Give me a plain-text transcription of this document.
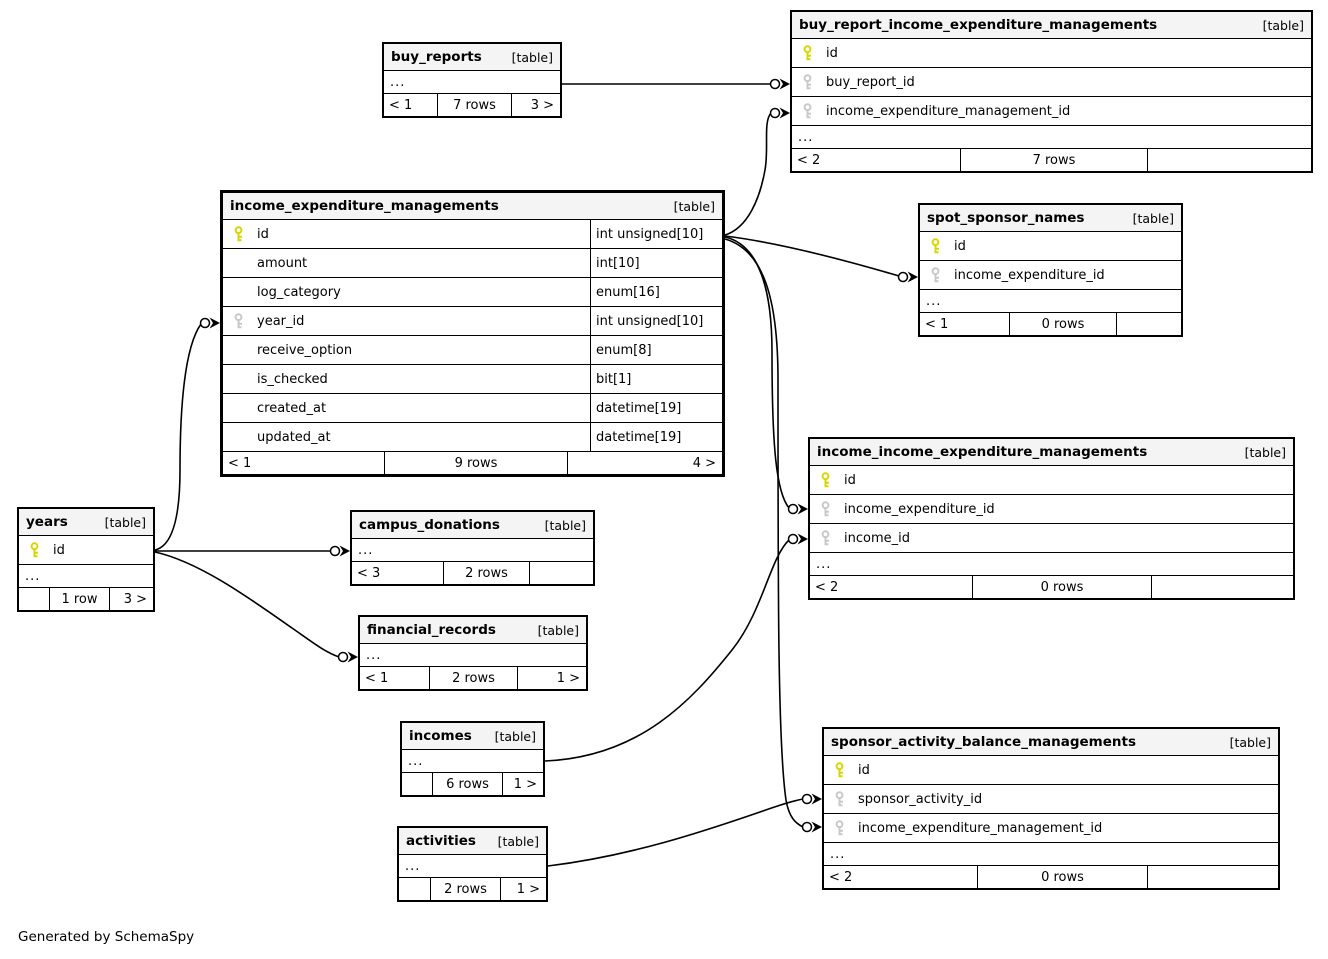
buy_reports [table]
...
< 1	7 rows	3 >
buy_report_income_expenditure_managements	[table]
id
buy_report_id
income_expenditure_management_id
...
< 2	7 rows
income_expenditure_managements	[table]
id	int unsigned[10]
amount	int[10]
log_category	enum[16]
year_id	int unsigned[10]
receive_option	enum[8]
is_checked	bit[1]
created_at	datetime[19]
updated_at	datetime[19]
< 1	9 rows	4 >
spot_sponsor_names	[table]
id
income_expenditure_id
...
< 1	0 rows
income_income_expenditure_managements	[table]
id
income_expenditure_id
income_id
...
< 2	0 rows
years	[table]
id
...
1 row	3 >
campus_donations	[table]
...
< 3	2 rows
financial_records	[table]
...
< 1	2 rows	1 >
incomes [table]
...
6 rows	1 >
activities [table]
...
2 rows	1 >
sponsor_activity_balance_managements	[table]
id
sponsor_activity_id
income_expenditure_management_id
...
< 2	0 rows
Generated by SchemaSpy
